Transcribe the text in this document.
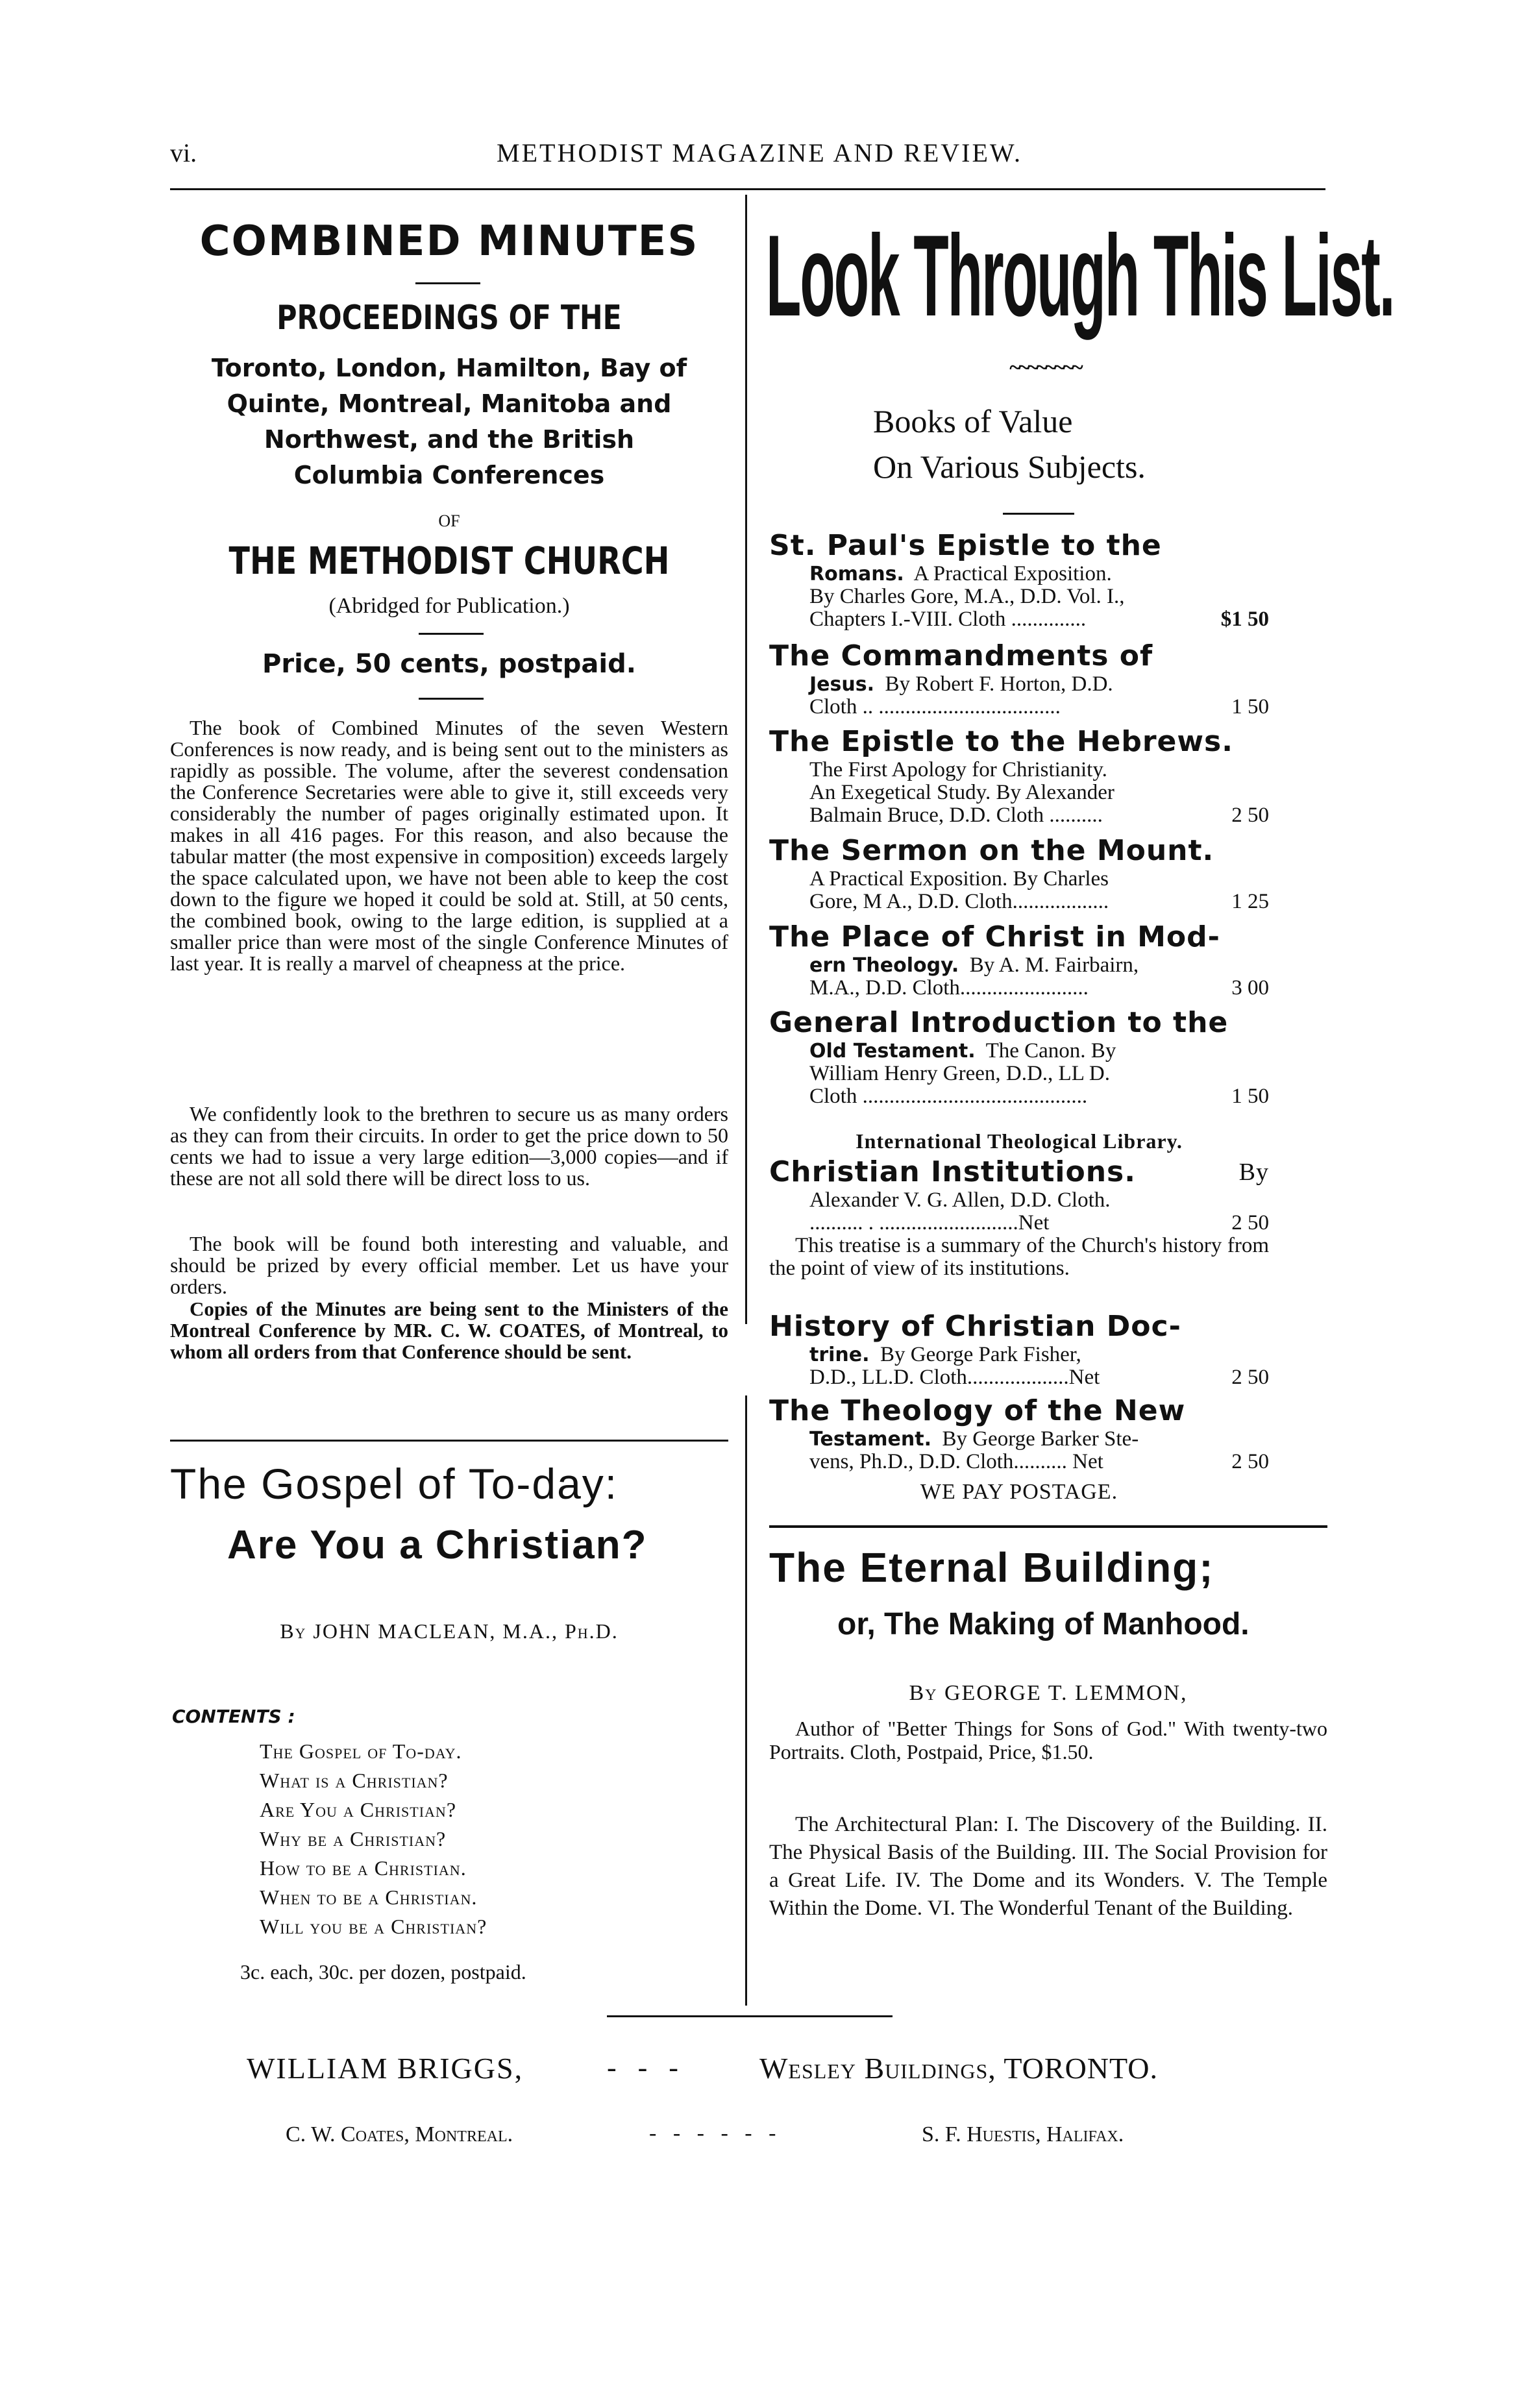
vi.	METHODIST MAGAZINE AND REVIEW.
COMBINED MINUTES
PROCEEDINGS OF THE
Toronto, London, Hamilton, Bay of
Quinte, Montreal, Manitoba and
Northwest, and the British
Columbia Conferences
OF
THE METHODIST CHURCH
(Abridged for Publication.)
Price, 50 cents, postpaid.
The book of Combined Minutes of the seven Western Conferences is now ready, and is being sent out to the ministers as rapidly as possible. The volume, after the severest condensation the Conference Secretaries were able to give it, still exceeds very considerably the number of pages originally estimated upon. It makes in all 416 pages. For this reason, and also because the tabular matter (the most expensive in composition) exceeds largely the space calculated upon, we have not been able to keep the cost down to the figure we hoped it could be sold at. Still, at 50 cents, the combined book, owing to the large edition, is supplied at a smaller price than were most of the single Conference Minutes of last year. It is really a marvel of cheapness at the price.
We confidently look to the brethren to secure us as many orders as they can from their circuits. In order to get the price down to 50 cents we had to issue a very large edition—3,000 copies—and if these are not all sold there will be direct loss to us.
The book will be found both interesting and valuable, and should be prized by every official member. Let us have your orders.
Copies of the Minutes are being sent to the Ministers of the Montreal Conference by MR. C. W. COATES, of Montreal, to whom all orders from that Conference should be sent.
The Gospel of To-day:
Are You a Christian?
By JOHN MACLEAN, M.A., Ph.D.
CONTENTS :
The Gospel of To-day.
What is a Christian?
Are You a Christian?
Why be a Christian?
How to be a Christian.
When to be a Christian.
Will you be a Christian?
3c. each, 30c. per dozen, postpaid.
Look Through This List.
~~~~~~~~
Books of Value
On Various Subjects.
St. Paul's Epistle to the
Romans. A Practical Exposition.
By Charles Gore, M.A., D.D. Vol. I.,
Chapters I.-VIII. Cloth ..............	$1 50
The Commandments of
Jesus. By Robert F. Horton, D.D.
Cloth .. ..................................	1 50
The Epistle to the Hebrews.
The First Apology for Christianity.
An Exegetical Study. By Alexander
Balmain Bruce, D.D. Cloth ..........	2 50
The Sermon on the Mount.
A Practical Exposition. By Charles
Gore, M A., D.D. Cloth..................	1 25
The Place of Christ in Mod-
ern Theology. By A. M. Fairbairn,
M.A., D.D. Cloth........................	3 00
General Introduction to the
Old Testament. The Canon. By
William Henry Green, D.D., LL D.
Cloth ..........................................	1 50
International Theological Library.
Christian Institutions.	By
Alexander V. G. Allen, D.D. Cloth.
.......... . ..........................Net	2 50
This treatise is a summary of the Church's history from the point of view of its institutions.
History of Christian Doc-
trine. By George Park Fisher,
D.D., LL.D. Cloth...................Net	2 50
The Theology of the New
Testament. By George Barker Ste-
vens, Ph.D., D.D. Cloth.......... Net	2 50
WE PAY POSTAGE.
The Eternal Building;
or, The Making of Manhood.
By GEORGE T. LEMMON,
Author of "Better Things for Sons of God." With twenty-two Portraits. Cloth, Postpaid, Price, $1.50.
The Architectural Plan: I. The Discovery of the Building. II. The Physical Basis of the Building. III. The Social Provision for a Great Life. IV. The Dome and its Wonders. V. The Temple Within the Dome. VI. The Wonderful Tenant of the Building.
WILLIAM BRIGGS,	-   -   -	Wesley Buildings, TORONTO.
C. W. Coates, Montreal.	-   -   -   -   -   -	S. F. Huestis, Halifax.
